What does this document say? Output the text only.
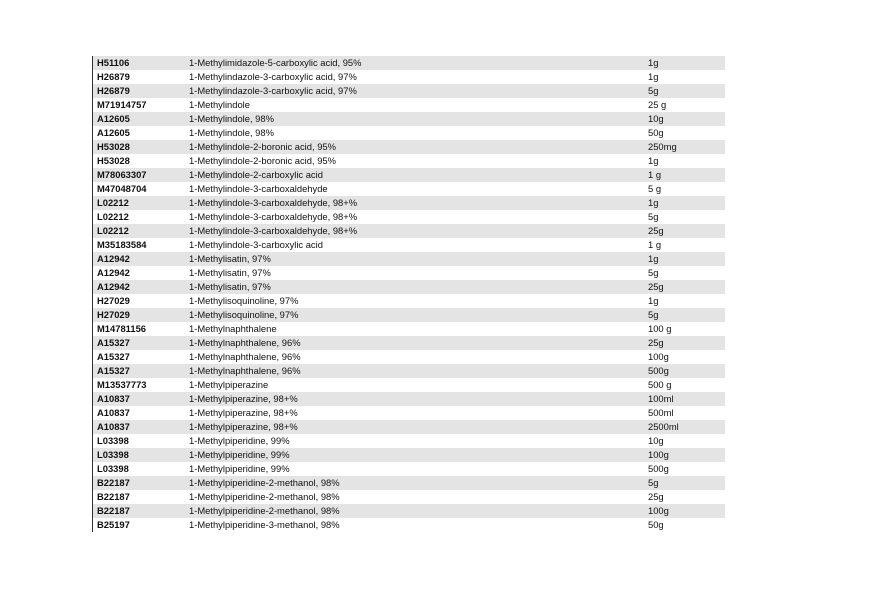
H51106	1-Methylimidazole-5-carboxylic acid, 95%	1g
H26879	1-Methylindazole-3-carboxylic acid, 97%	1g
H26879	1-Methylindazole-3-carboxylic acid, 97%	5g
M71914757	1-Methylindole	25 g
A12605	1-Methylindole, 98%	10g
A12605	1-Methylindole, 98%	50g
H53028	1-Methylindole-2-boronic acid, 95%	250mg
H53028	1-Methylindole-2-boronic acid, 95%	1g
M78063307	1-Methylindole-2-carboxylic acid	1 g
M47048704	1-Methylindole-3-carboxaldehyde	5 g
L02212	1-Methylindole-3-carboxaldehyde, 98+%	1g
L02212	1-Methylindole-3-carboxaldehyde, 98+%	5g
L02212	1-Methylindole-3-carboxaldehyde, 98+%	25g
M35183584	1-Methylindole-3-carboxylic acid	1 g
A12942	1-Methylisatin, 97%	1g
A12942	1-Methylisatin, 97%	5g
A12942	1-Methylisatin, 97%	25g
H27029	1-Methylisoquinoline, 97%	1g
H27029	1-Methylisoquinoline, 97%	5g
M14781156	1-Methylnaphthalene	100 g
A15327	1-Methylnaphthalene, 96%	25g
A15327	1-Methylnaphthalene, 96%	100g
A15327	1-Methylnaphthalene, 96%	500g
M13537773	1-Methylpiperazine	500 g
A10837	1-Methylpiperazine, 98+%	100ml
A10837	1-Methylpiperazine, 98+%	500ml
A10837	1-Methylpiperazine, 98+%	2500ml
L03398	1-Methylpiperidine, 99%	10g
L03398	1-Methylpiperidine, 99%	100g
L03398	1-Methylpiperidine, 99%	500g
B22187	1-Methylpiperidine-2-methanol, 98%	5g
B22187	1-Methylpiperidine-2-methanol, 98%	25g
B22187	1-Methylpiperidine-2-methanol, 98%	100g
B25197	1-Methylpiperidine-3-methanol, 98%	50g
